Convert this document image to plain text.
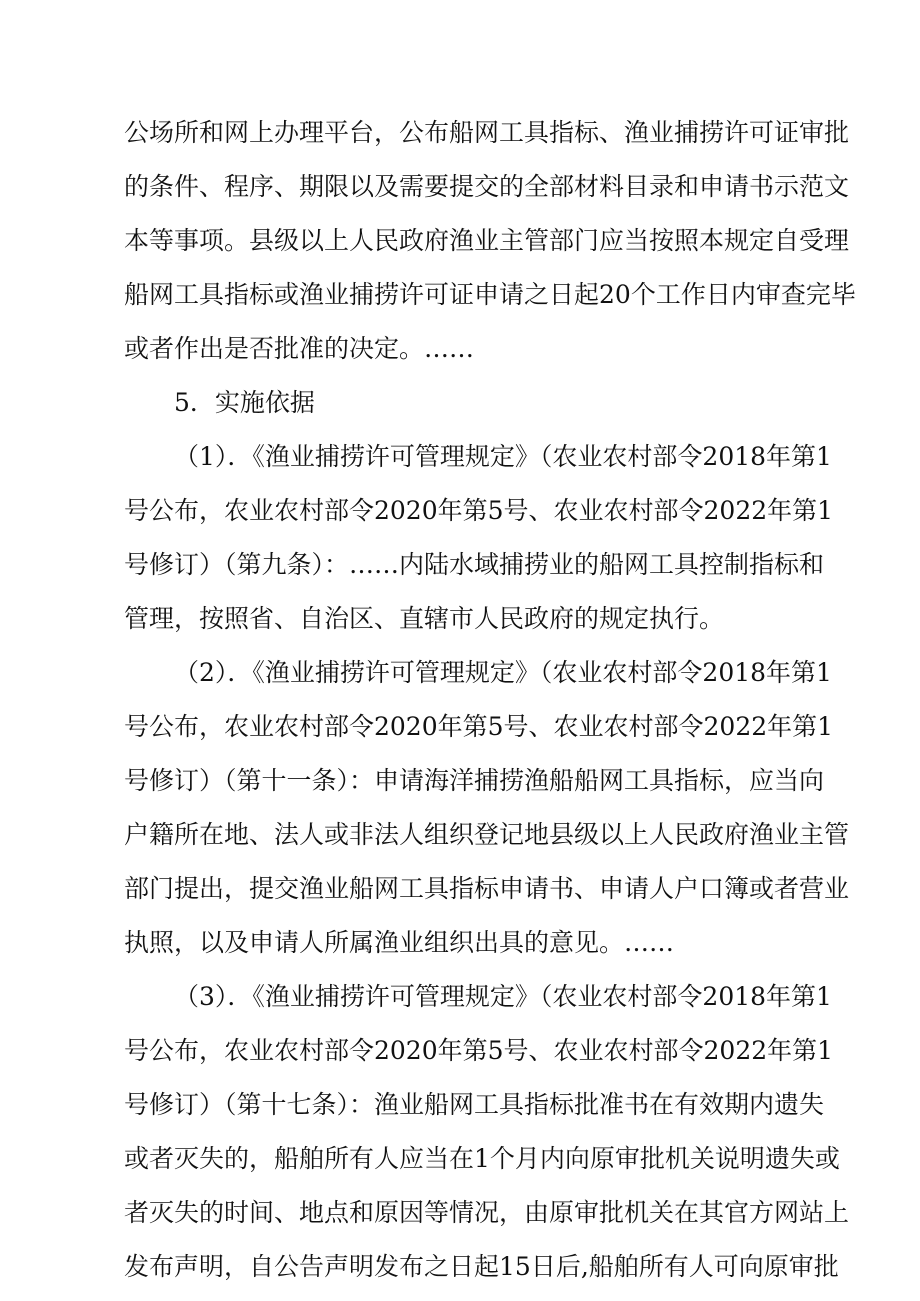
公场所和网上办理平台，公布船网工具指标、渔业捕捞许可证审批
的条件、程序、期限以及需要提交的全部材料目录和申请书示范文
本等事项。县级以上人民政府渔业主管部门应当按照本规定自受理
船网工具指标或渔业捕捞许可证申请之日起20个工作日内审查完毕
或者作出是否批准的决定。……
5．实施依据
（1）．《渔业捕捞许可管理规定》（农业农村部令2018年第1
号公布，农业农村部令2020年第5号、农业农村部令2022年第1
号修订）（第九条）：……内陆水域捕捞业的船网工具控制指标和
管理，按照省、自治区、直辖市人民政府的规定执行。
（2）．《渔业捕捞许可管理规定》（农业农村部令2018年第1
号公布，农业农村部令2020年第5号、农业农村部令2022年第1
号修订）（第十一条）：申请海洋捕捞渔船船网工具指标，应当向
户籍所在地、法人或非法人组织登记地县级以上人民政府渔业主管
部门提出，提交渔业船网工具指标申请书、申请人户口簿或者营业
执照，以及申请人所属渔业组织出具的意见。……
（3）．《渔业捕捞许可管理规定》（农业农村部令2018年第1
号公布，农业农村部令2020年第5号、农业农村部令2022年第1
号修订）（第十七条）：渔业船网工具指标批准书在有效期内遗失
或者灭失的，船舶所有人应当在1个月内向原审批机关说明遗失或
者灭失的时间、地点和原因等情况，由原审批机关在其官方网站上
发布声明，自公告声明发布之日起15日后,船舶所有人可向原审批
